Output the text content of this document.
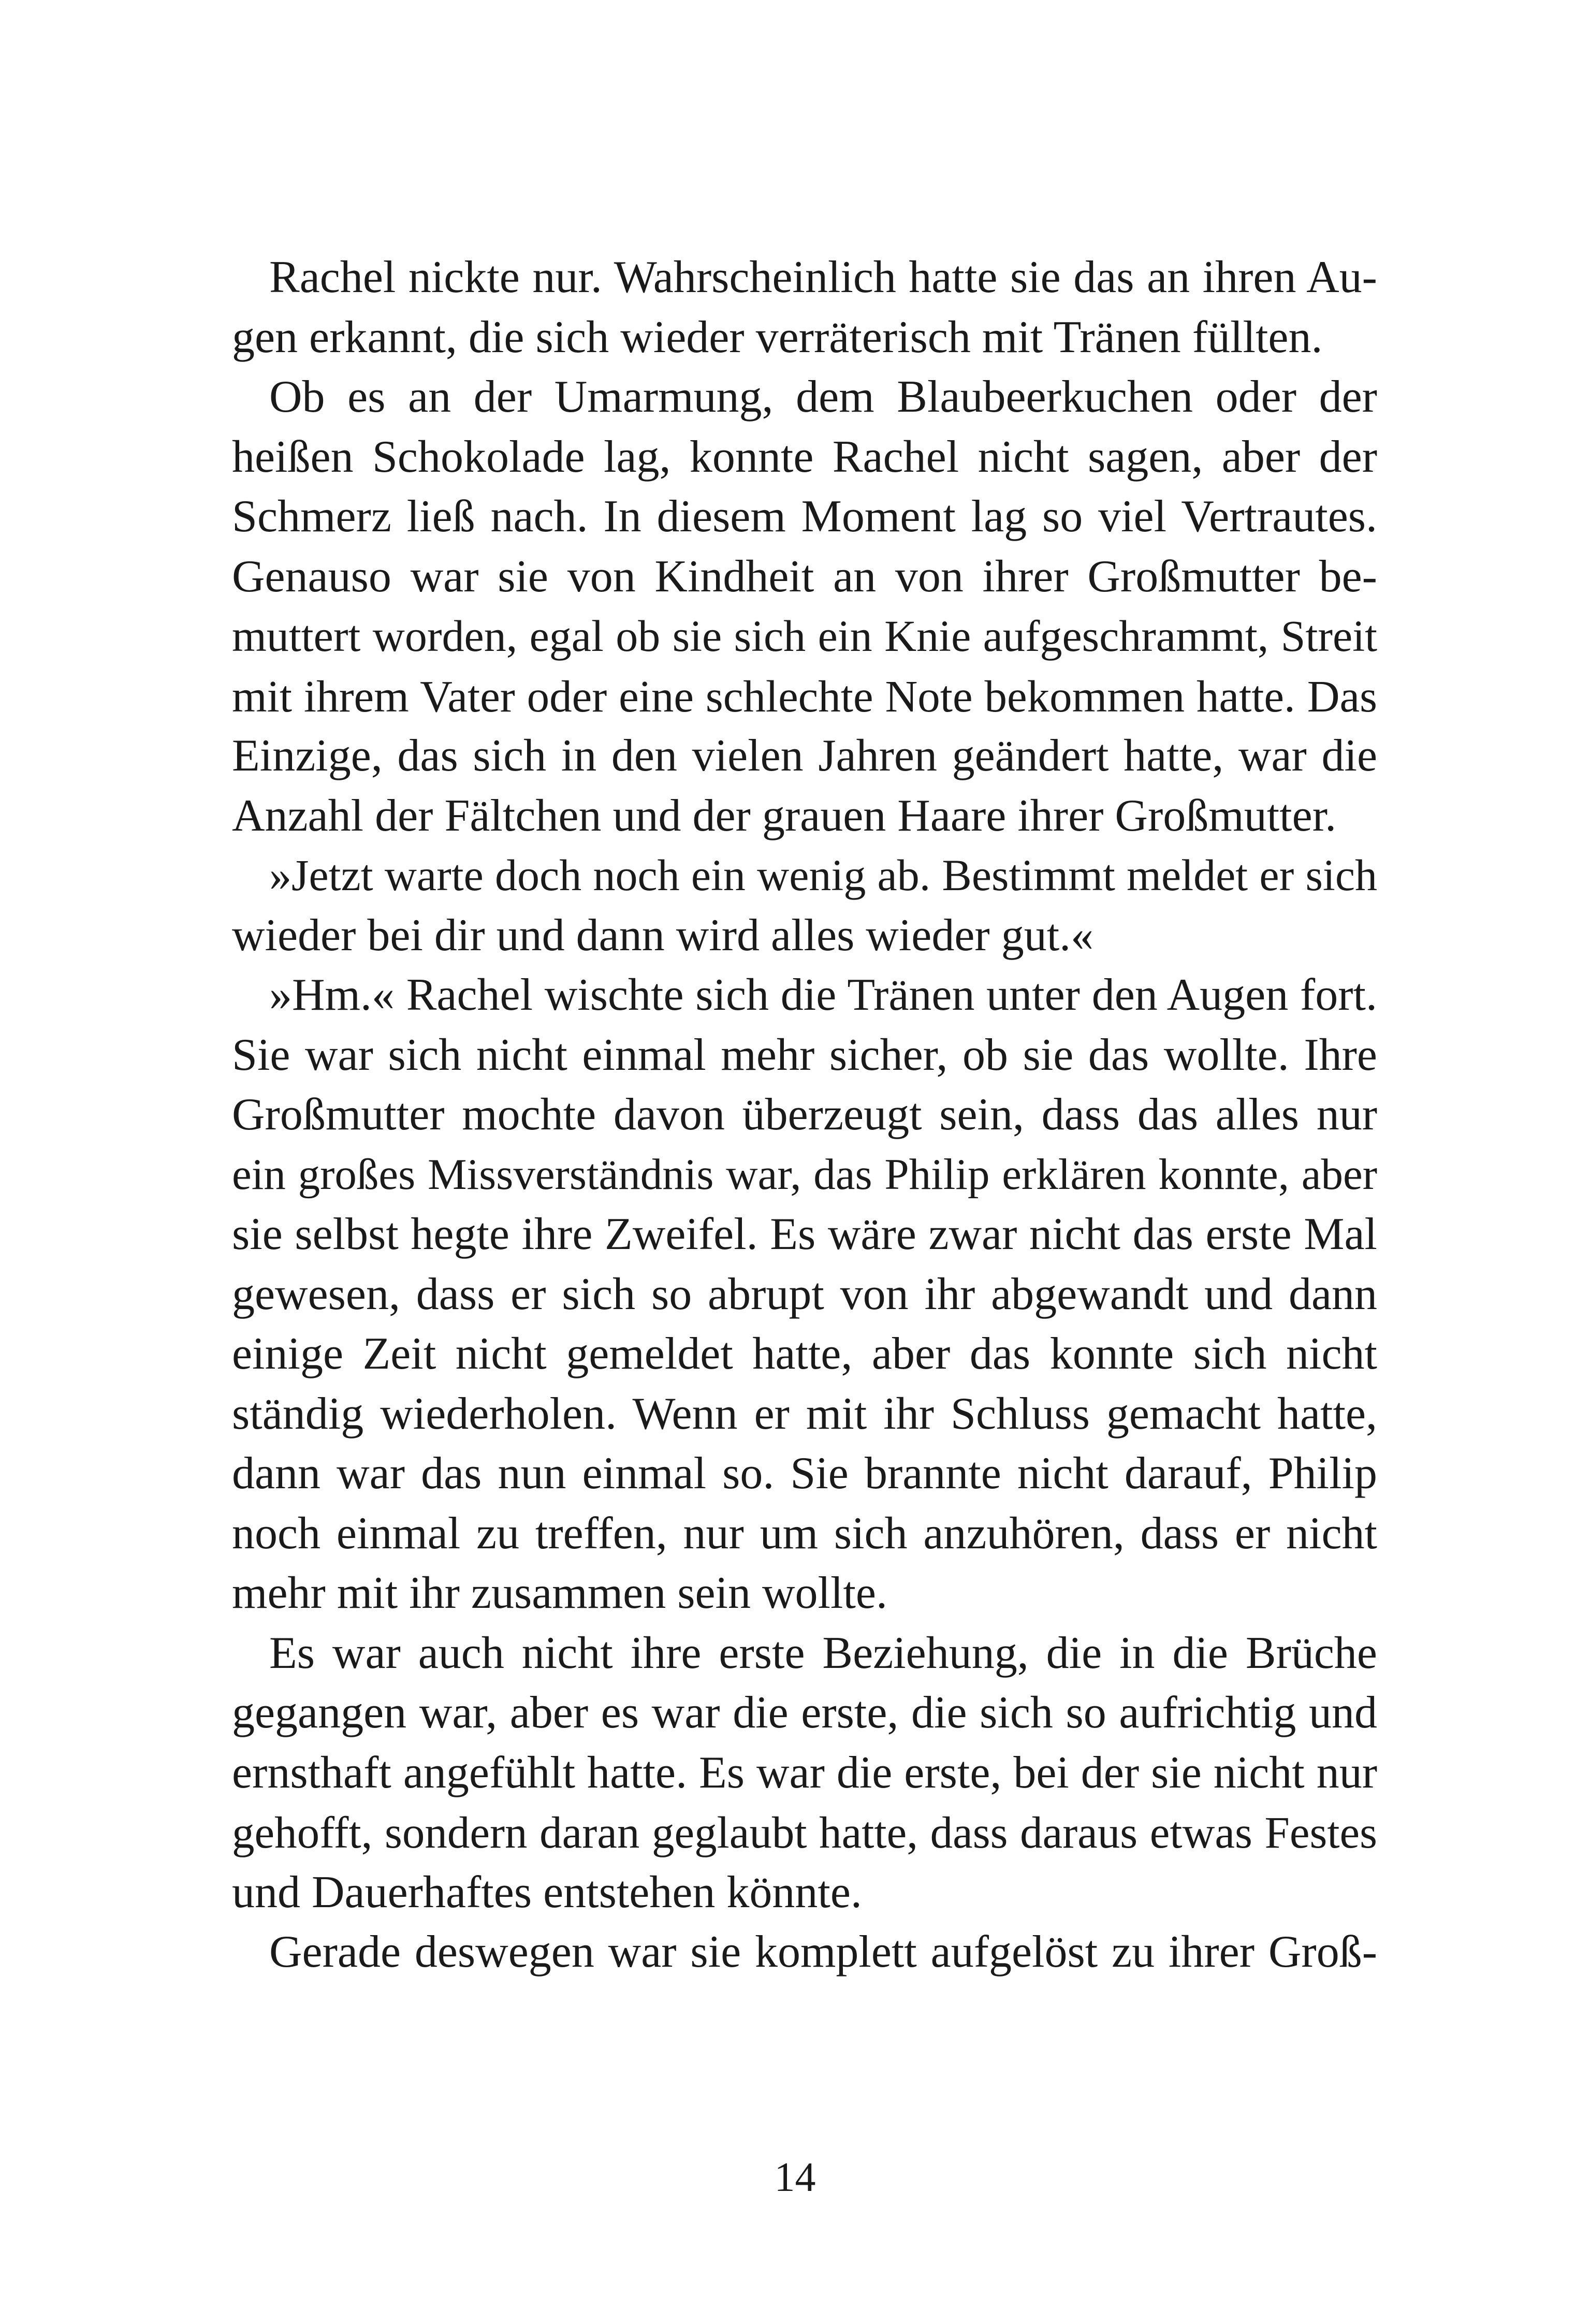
Rachel nickte nur. Wahrscheinlich hatte sie das an ihren Au-
gen erkannt, die sich wieder verräterisch mit Tränen füllten.
Ob es an der Umarmung, dem Blaubeerkuchen oder der
heißen Schokolade lag, konnte Rachel nicht sagen, aber der
Schmerz ließ nach. In diesem Moment lag so viel Vertrautes.
Genauso war sie von Kindheit an von ihrer Großmutter be-
muttert worden, egal ob sie sich ein Knie aufgeschrammt, Streit
mit ihrem Vater oder eine schlechte Note bekommen hatte. Das
Einzige, das sich in den vielen Jahren geändert hatte, war die
Anzahl der Fältchen und der grauen Haare ihrer Großmutter.
»Jetzt warte doch noch ein wenig ab. Bestimmt meldet er sich
wieder bei dir und dann wird alles wieder gut.«
»Hm.« Rachel wischte sich die Tränen unter den Augen fort.
Sie war sich nicht einmal mehr sicher, ob sie das wollte. Ihre
Großmutter mochte davon überzeugt sein, dass das alles nur
ein großes Missverständnis war, das Philip erklären konnte, aber
sie selbst hegte ihre Zweifel. Es wäre zwar nicht das erste Mal
gewesen, dass er sich so abrupt von ihr abgewandt und dann
einige Zeit nicht gemeldet hatte, aber das konnte sich nicht
ständig wiederholen. Wenn er mit ihr Schluss gemacht hatte,
dann war das nun einmal so. Sie brannte nicht darauf, Philip
noch einmal zu treffen, nur um sich anzuhören, dass er nicht
mehr mit ihr zusammen sein wollte.
Es war auch nicht ihre erste Beziehung, die in die Brüche
gegangen war, aber es war die erste, die sich so aufrichtig und
ernsthaft angefühlt hatte. Es war die erste, bei der sie nicht nur
gehofft, sondern daran geglaubt hatte, dass daraus etwas Festes
und Dauerhaftes entstehen könnte.
Gerade deswegen war sie komplett aufgelöst zu ihrer Groß-
14
